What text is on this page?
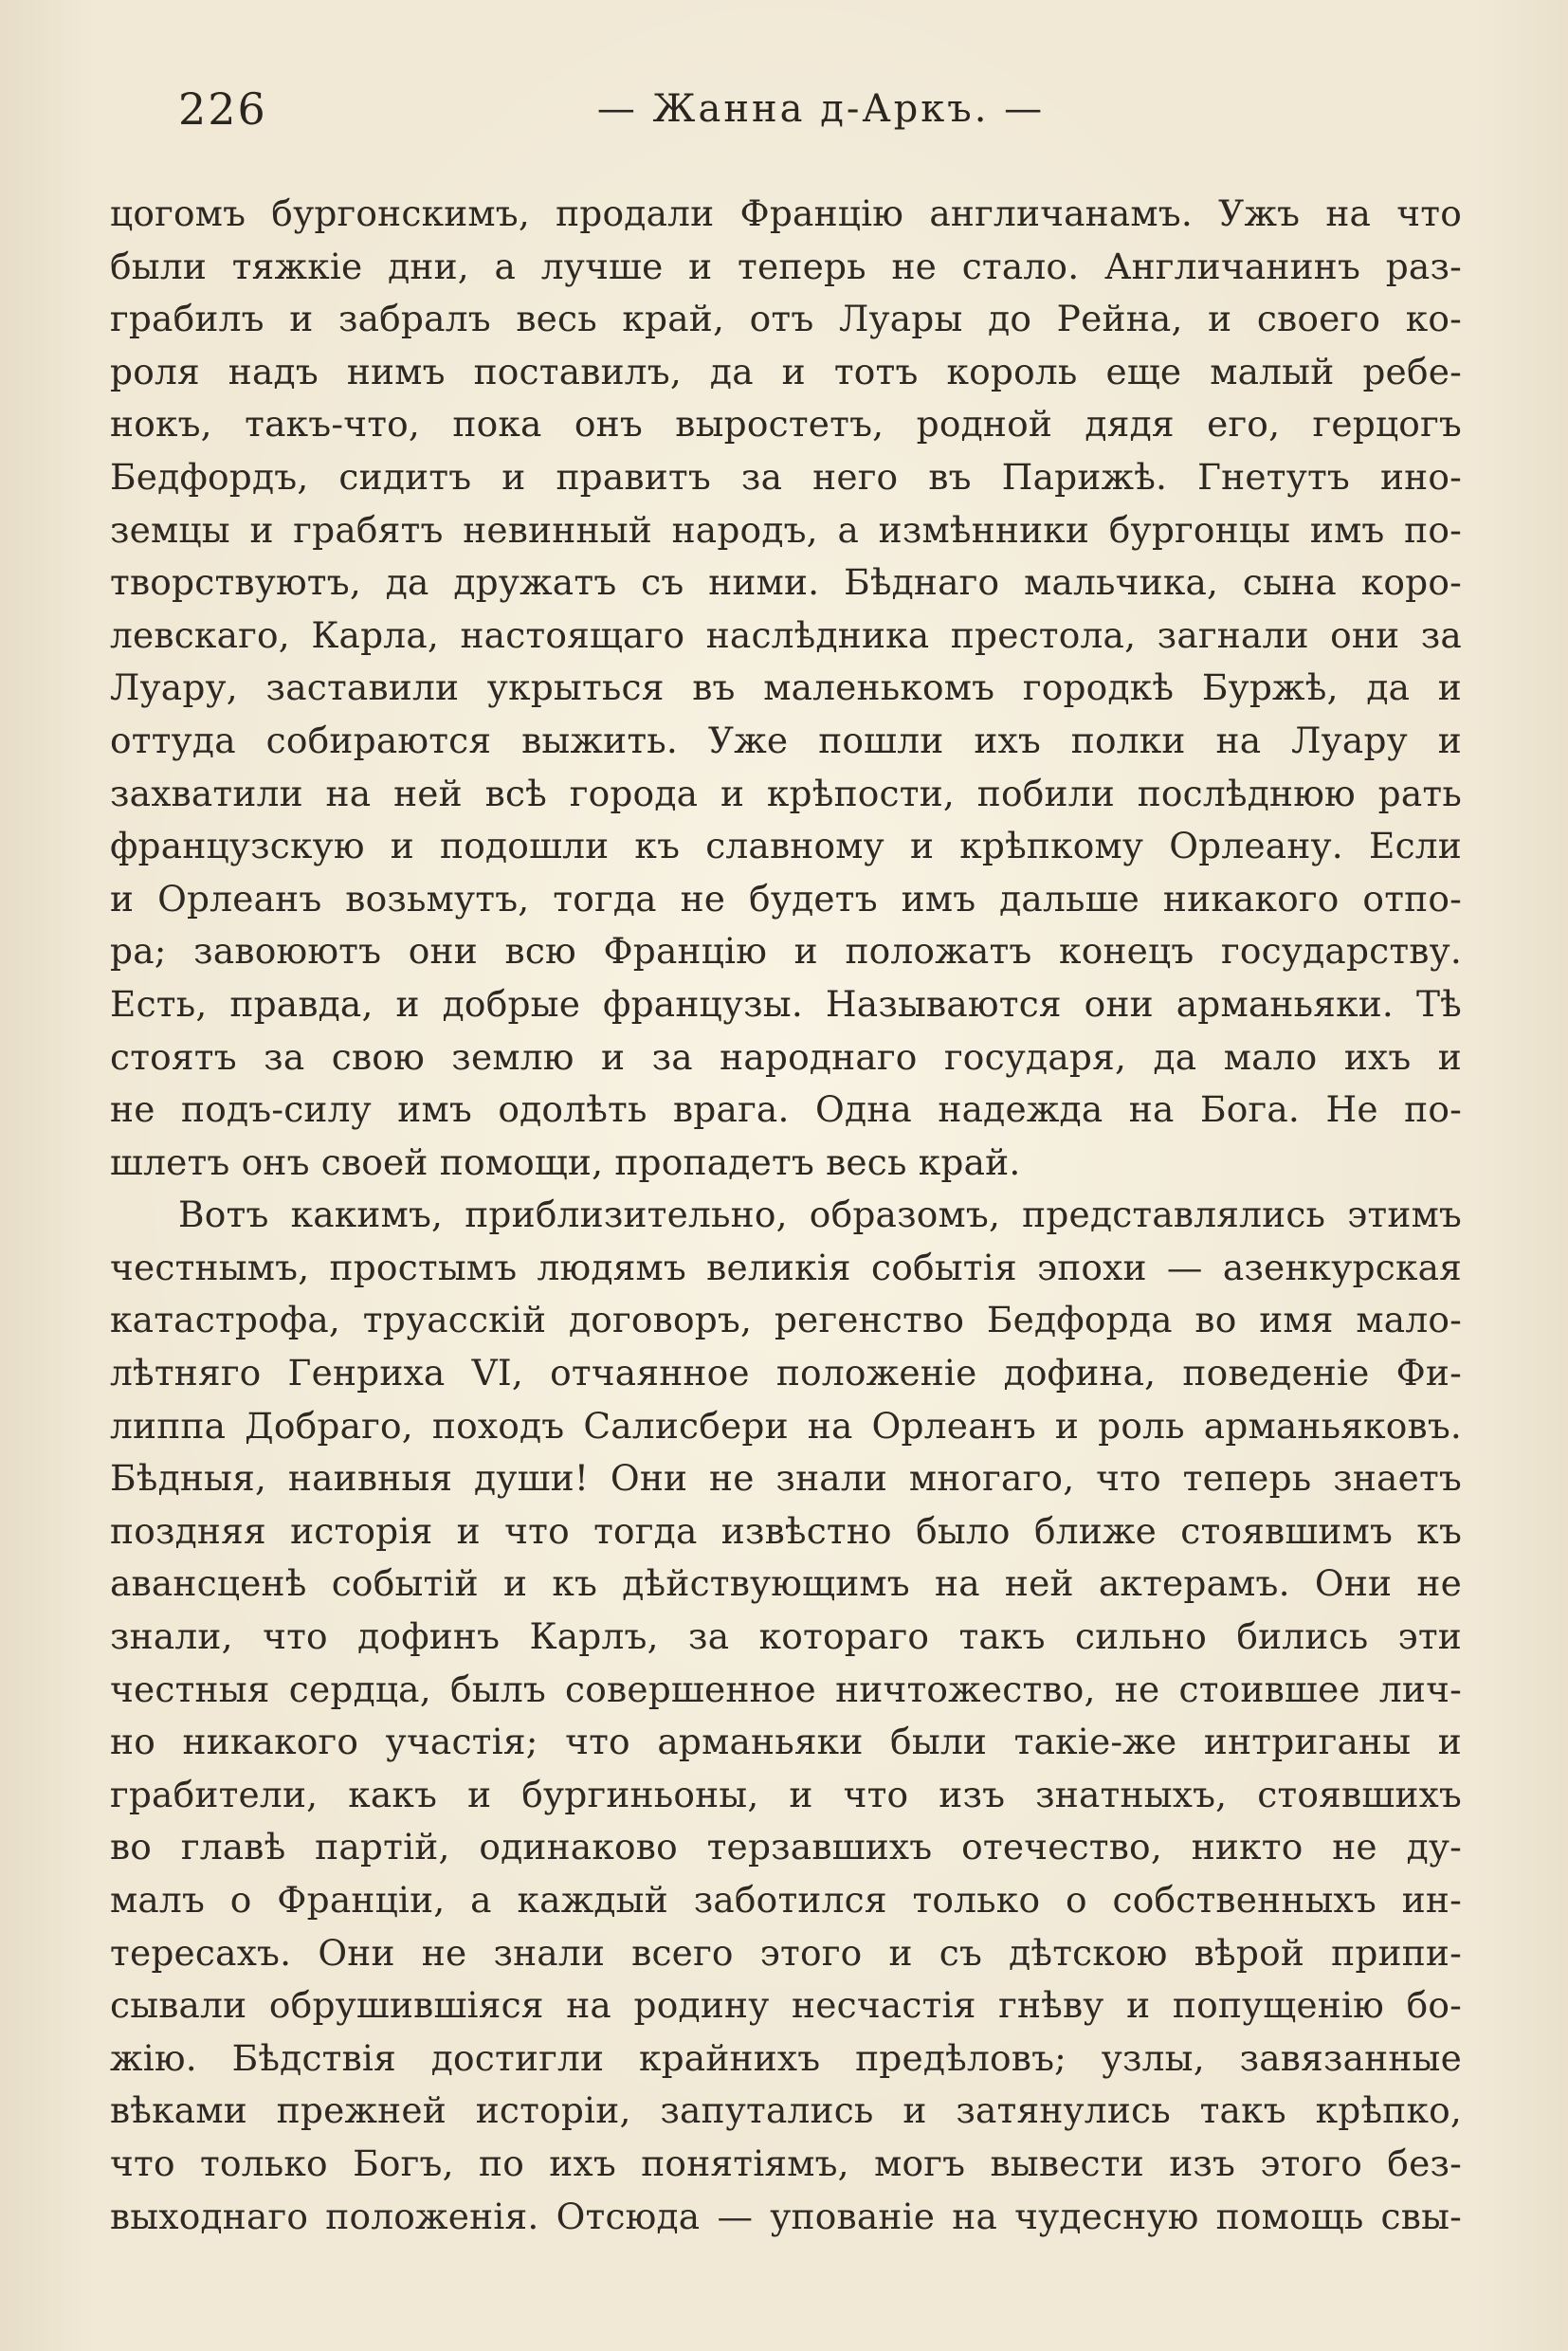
226	— Жанна д-Аркъ. —
цогомъ бургонскимъ, продали Францію англичанамъ. Ужъ на что
были тяжкіе дни, а лучше и теперь не стало. Англичанинъ раз-
грабилъ и забралъ весь край, отъ Луары до Рейна, и своего ко-
роля надъ нимъ поставилъ, да и тотъ король еще малый ребе-
нокъ, такъ-что, пока онъ выростетъ, родной дядя его, герцогъ
Бедфордъ, сидитъ и правитъ за него въ Парижѣ. Гнетутъ ино-
земцы и грабятъ невинный народъ, а измѣнники бургонцы имъ по-
творствуютъ, да дружатъ съ ними. Бѣднаго мальчика, сына коро-
левскаго, Карла, настоящаго наслѣдника престола, загнали они за
Луару, заставили укрыться въ маленькомъ городкѣ Буржѣ, да и
оттуда собираются выжить. Уже пошли ихъ полки на Луару и
захватили на ней всѣ города и крѣпости, побили послѣднюю рать
французскую и подошли къ славному и крѣпкому Орлеану. Если
и Орлеанъ возьмутъ, тогда не будетъ имъ дальше никакого отпо-
ра; завоюютъ они всю Францію и положатъ конецъ государству.
Есть, правда, и добрые французы. Называются они арманьяки. Тѣ
стоятъ за свою землю и за народнаго государя, да мало ихъ и
не подъ-силу имъ одолѣть врага. Одна надежда на Бога. Не по-
шлетъ онъ своей помощи, пропадетъ весь край.
Вотъ какимъ, приблизительно, образомъ, представлялись этимъ
честнымъ, простымъ людямъ великія событія эпохи — азенкурская
катастрофа, труасскій договоръ, регенство Бедфорда во имя мало-
лѣтняго Генриха VI, отчаянное положеніе дофина, поведеніе Фи-
липпа Добраго, походъ Салисбери на Орлеанъ и роль арманьяковъ.
Бѣдныя, наивныя души! Они не знали многаго, что теперь знаетъ
поздняя исторія и что тогда извѣстно было ближе стоявшимъ къ
авансценѣ событій и къ дѣйствующимъ на ней актерамъ. Они не
знали, что дофинъ Карлъ, за котораго такъ сильно бились эти
честныя сердца, былъ совершенное ничтожество, не стоившее лич-
но никакого участія; что арманьяки были такіе-же интриганы и
грабители, какъ и бургиньоны, и что изъ знатныхъ, стоявшихъ
во главѣ партій, одинаково терзавшихъ отечество, никто не ду-
малъ о Франціи, а каждый заботился только о собственныхъ ин-
тересахъ. Они не знали всего этого и съ дѣтскою вѣрой припи-
сывали обрушившіяся на родину несчастія гнѣву и попущенію бо-
жію. Бѣдствія достигли крайнихъ предѣловъ; узлы, завязанные
вѣками прежней исторіи, запутались и затянулись такъ крѣпко,
что только Богъ, по ихъ понятіямъ, могъ вывести изъ этого без-
выходнаго положенія. Отсюда — упованіе на чудесную помощь свы-
